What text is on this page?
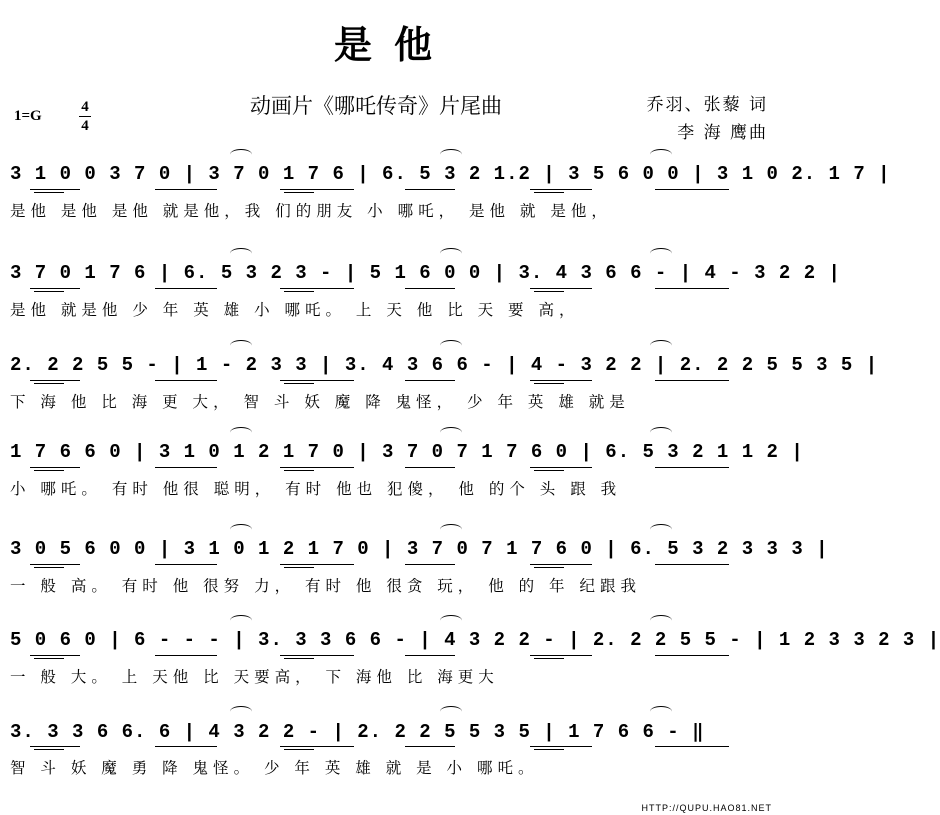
是他
动画片《哪吒传奇》片尾曲
1=G
4
4
乔羽、张藜 词
李 海 鹰曲
3 1 0 0 3 7 0 | 3 7 0 1 7 6 | 6. 5 3 2 1.2 | 3 5 6 0 0 | 3 1 0 2. 1 7 |
是他 是他 是他 就是他，我 们的朋友 小 哪吒， 是他 就 是他，
3 7 0 1 7 6 | 6. 5 3 2 3 - | 5 1 6 0 0 | 3. 4 3 6 6 - | 4 - 3 2 2 |
是他 就是他 少 年 英 雄 小 哪吒。 上 天 他 比 天 要 高，
2. 2 2 5 5 - | 1 - 2 3 3 | 3. 4 3 6 6 - | 4 - 3 2 2 | 2. 2 2 5 5 3 5 |
下 海 他 比 海 更 大， 智 斗 妖 魔 降 鬼怪， 少 年 英 雄 就是
1 7 6 6 0 | 3 1 0 1 2 1 7 0 | 3 7 0 7 1 7 6 0 | 6. 5 3 2 1 1 2 |
小 哪吒。 有时 他很 聪明， 有时 他也 犯傻， 他 的个 头 跟 我
3 0 5 6 0 0 | 3 1 0 1 2 1 7 0 | 3 7 0 7 1 7 6 0 | 6. 5 3 2 3 3 3 |
一 般 高。 有时 他 很努 力， 有时 他 很贪 玩， 他 的 年 纪跟我
5 0 6 0 | 6 - - - | 3. 3 3 6 6 - | 4 3 2 2 - | 2. 2 2 5 5 - | 1 2 3 3 2 3 |
一 般 大。 上 天他 比 天要高， 下 海他 比 海更大
3. 3 3 6 6. 6 | 4 3 2 2 - | 2. 2 2 5 5 3 5 | 1 7 6 6 - ‖
智 斗 妖 魔 勇 降 鬼怪。 少 年 英 雄 就 是 小 哪吒。
HTTP://QUPU.HAO81.NET
